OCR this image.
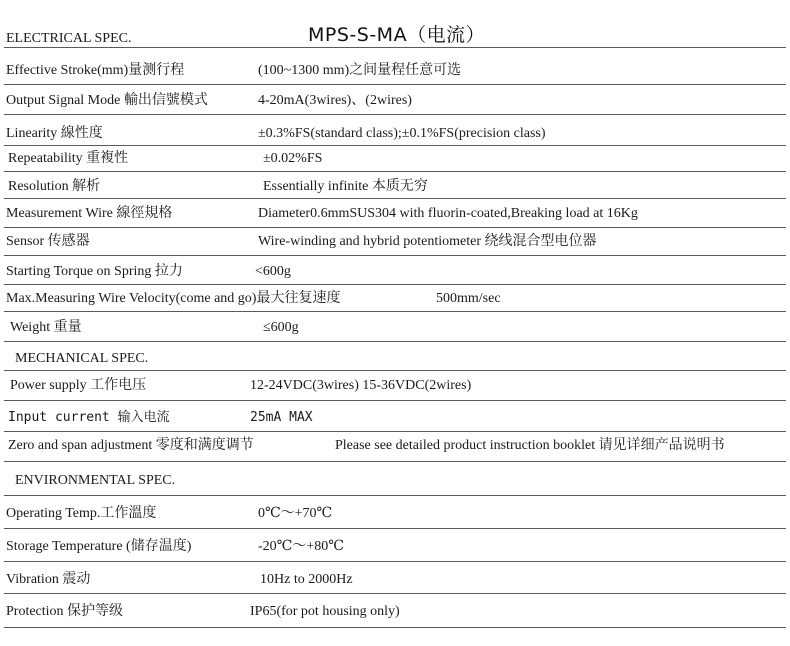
MPS-S-MA（电流）
ELECTRICAL SPEC.
Effective Stroke(mm)量测行程	(100~1300 mm)之间量程任意可选
Output Signal Mode 輸出信號模式	4-20mA(3wires)、(2wires)
Linearity 線性度	±0.3%FS(standard class);±0.1%FS(precision class)
Repeatability 重複性	±0.02%FS
Resolution 解析	Essentially infinite 本质无穷
Measurement Wire 線徑規格	Diameter0.6mmSUS304 with fluorin-coated,Breaking load at 16Kg
Sensor 传感器	Wire-winding and hybrid potentiometer 绕线混合型电位器
Starting Torque on Spring 拉力	<600g
Max.Measuring Wire Velocity(come and go)最大往复速度	500mm/sec
Weight 重量	≤600g
MECHANICAL SPEC.
Power supply 工作电压	12-24VDC(3wires) 15-36VDC(2wires)
Input current 输入电流	25mA MAX
Zero and span adjustment 零度和满度调节	Please see detailed product instruction booklet 请见详细产品说明书
ENVIRONMENTAL SPEC.
Operating Temp.工作溫度	0℃～+70℃
Storage Temperature (储存温度)	-20℃～+80℃
Vibration 震动	10Hz to 2000Hz
Protection 保护等级	IP65(for pot housing only)
